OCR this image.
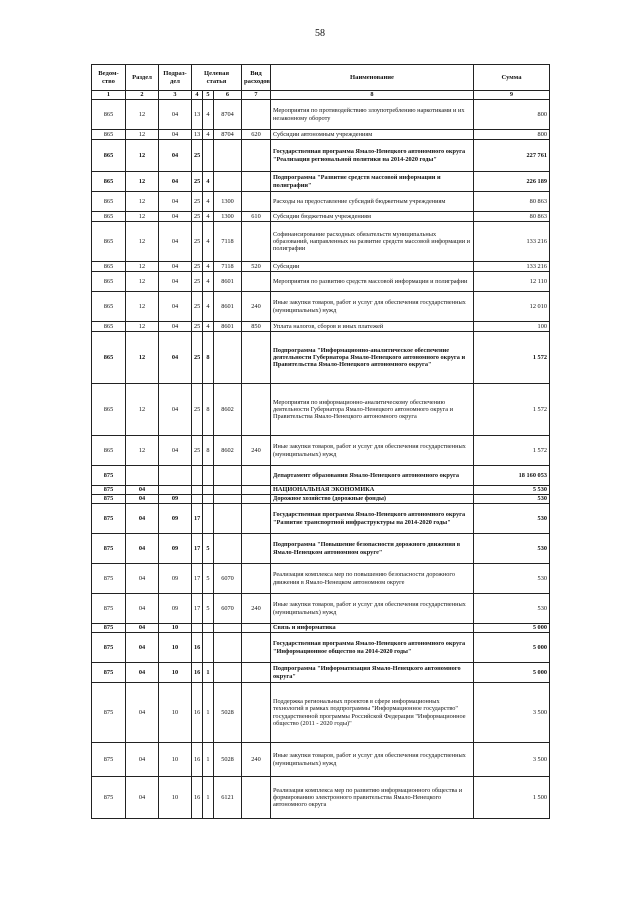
58
Ведом-ство	Раздел	Подраз-дел	Целевая статья			Вид расходов	Наименование	Сумма
1	2	3	4	5	6	7	8	9
865	12	04	13	4	8704		Мероприятия по противодействию злоупотреблению наркотиками и их незаконному обороту	800
865	12	04	13	4	8704	620	Субсидии автономным учреждениям	800
865	12	04	25				Государственная программа Ямало-Ненецкого автономного округа "Реализация региональной политики на 2014-2020 годы"	227 761
865	12	04	25	4			Подпрограмма "Развитие средств массовой информации и полиграфии"	226 189
865	12	04	25	4	1300		Расходы на предоставление субсидий бюджетным учреждениям	80 863
865	12	04	25	4	1300	610	Субсидии бюджетным учреждениям	80 863
865	12	04	25	4	7118		Софинансирование расходных обязательств муниципальных образований, направленных на развитие средств массовой информации и полиграфии	133 216
865	12	04	25	4	7118	520	Субсидии	133 216
865	12	04	25	4	8601		Мероприятия по развитию средств массовой информации и полиграфии	12 110
865	12	04	25	4	8601	240	Иные закупки товаров, работ и услуг для обеспечения государственных (муниципальных) нужд	12 010
865	12	04	25	4	8601	850	Уплата налогов, сборов и иных платежей	100
865	12	04	25	8			Подпрограмма "Информационно-аналитическое обеспечение деятельности Губернатора Ямало-Ненецкого автономного округа и Правительства Ямало-Ненецкого автономного округа"	1 572
865	12	04	25	8	8602		Мероприятия по информационно-аналитическому обеспечению деятельности Губернатора Ямало-Ненецкого автономного округа и Правительства Ямало-Ненецкого автономного округа	1 572
865	12	04	25	8	8602	240	Иные закупки товаров, работ и услуг для обеспечения государственных (муниципальных) нужд	1 572
875							Департамент образования Ямало-Ненецкого автономного округа	18 160 053
875	04						НАЦИОНАЛЬНАЯ ЭКОНОМИКА	5 530
875	04	09					Дорожное хозяйство (дорожные фонды)	530
875	04	09	17				Государственная программа Ямало-Ненецкого автономного округа "Развитие транспортной инфраструктуры на 2014-2020 годы"	530
875	04	09	17	5			Подпрограмма "Повышение безопасности дорожного движения в Ямало-Ненецком автономном округе"	530
875	04	09	17	5	6070		Реализация комплекса мер по повышению безопасности дорожного движения в Ямало-Ненецком автономном округе	530
875	04	09	17	5	6070	240	Иные закупки товаров, работ и услуг для обеспечения государственных (муниципальных) нужд	530
875	04	10					Связь и информатика	5 000
875	04	10	16				Государственная программа Ямало-Ненецкого автономного округа "Информационное общество на 2014-2020 годы"	5 000
875	04	10	16	1			Подпрограмма "Информатизация Ямало-Ненецкого автономного округа"	5 000
875	04	10	16	1	5028		Поддержка региональных проектов в сфере информационных технологий в рамках подпрограммы "Информационное государство" государственной программы Российской Федерации "Информационное общество (2011 - 2020 годы)"	3 500
875	04	10	16	1	5028	240	Иные закупки товаров, работ и услуг для обеспечения государственных (муниципальных) нужд	3 500
875	04	10	16	1	6121		Реализация комплекса мер по развитию информационного общества и формированию электронного правительства Ямало-Ненецкого автономного округа	1 500
